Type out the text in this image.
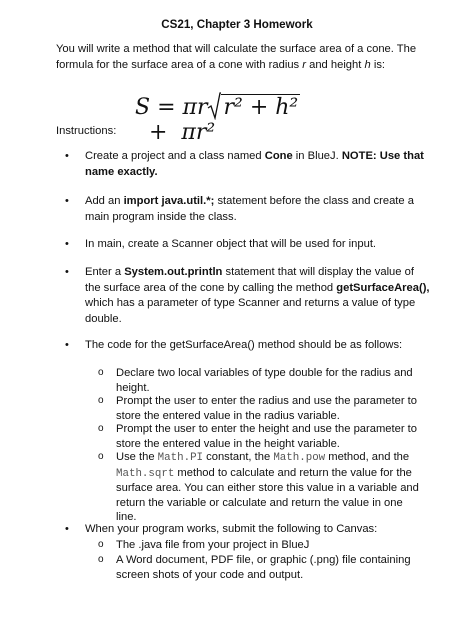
CS21, Chapter 3 Homework
You will write a method that will calculate the surface area of a cone. The
formula for the surface area of a cone with radius r and height h is:
S = πr r² + h²  +  πr²
Instructions:
• Create a project and a class named Cone in BlueJ. NOTE: Use that
name exactly.
• Add an import java.util.*; statement before the class and create a
main program inside the class.
• In main, create a Scanner object that will be used for input.
• Enter a System.out.println statement that will display the value of
the surface area of the cone by calling the method getSurfaceArea(),
which has a parameter of type Scanner and returns a value of type
double.
• The code for the getSurfaceArea() method should be as follows:
o Declare two local variables of type double for the radius and
height.
o Prompt the user to enter the radius and use the parameter to
store the entered value in the radius variable.
o Prompt the user to enter the height and use the parameter to
store the entered value in the height variable.
o Use the Math.PI constant, the Math.pow method, and the
Math.sqrt method to calculate and return the value for the
surface area. You can either store this value in a variable and
return the variable or calculate and return the value in one line.
• When your program works, submit the following to Canvas:
o The .java file from your project in BlueJ
o A Word document, PDF file, or graphic (.png) file containing
screen shots of your code and output.
